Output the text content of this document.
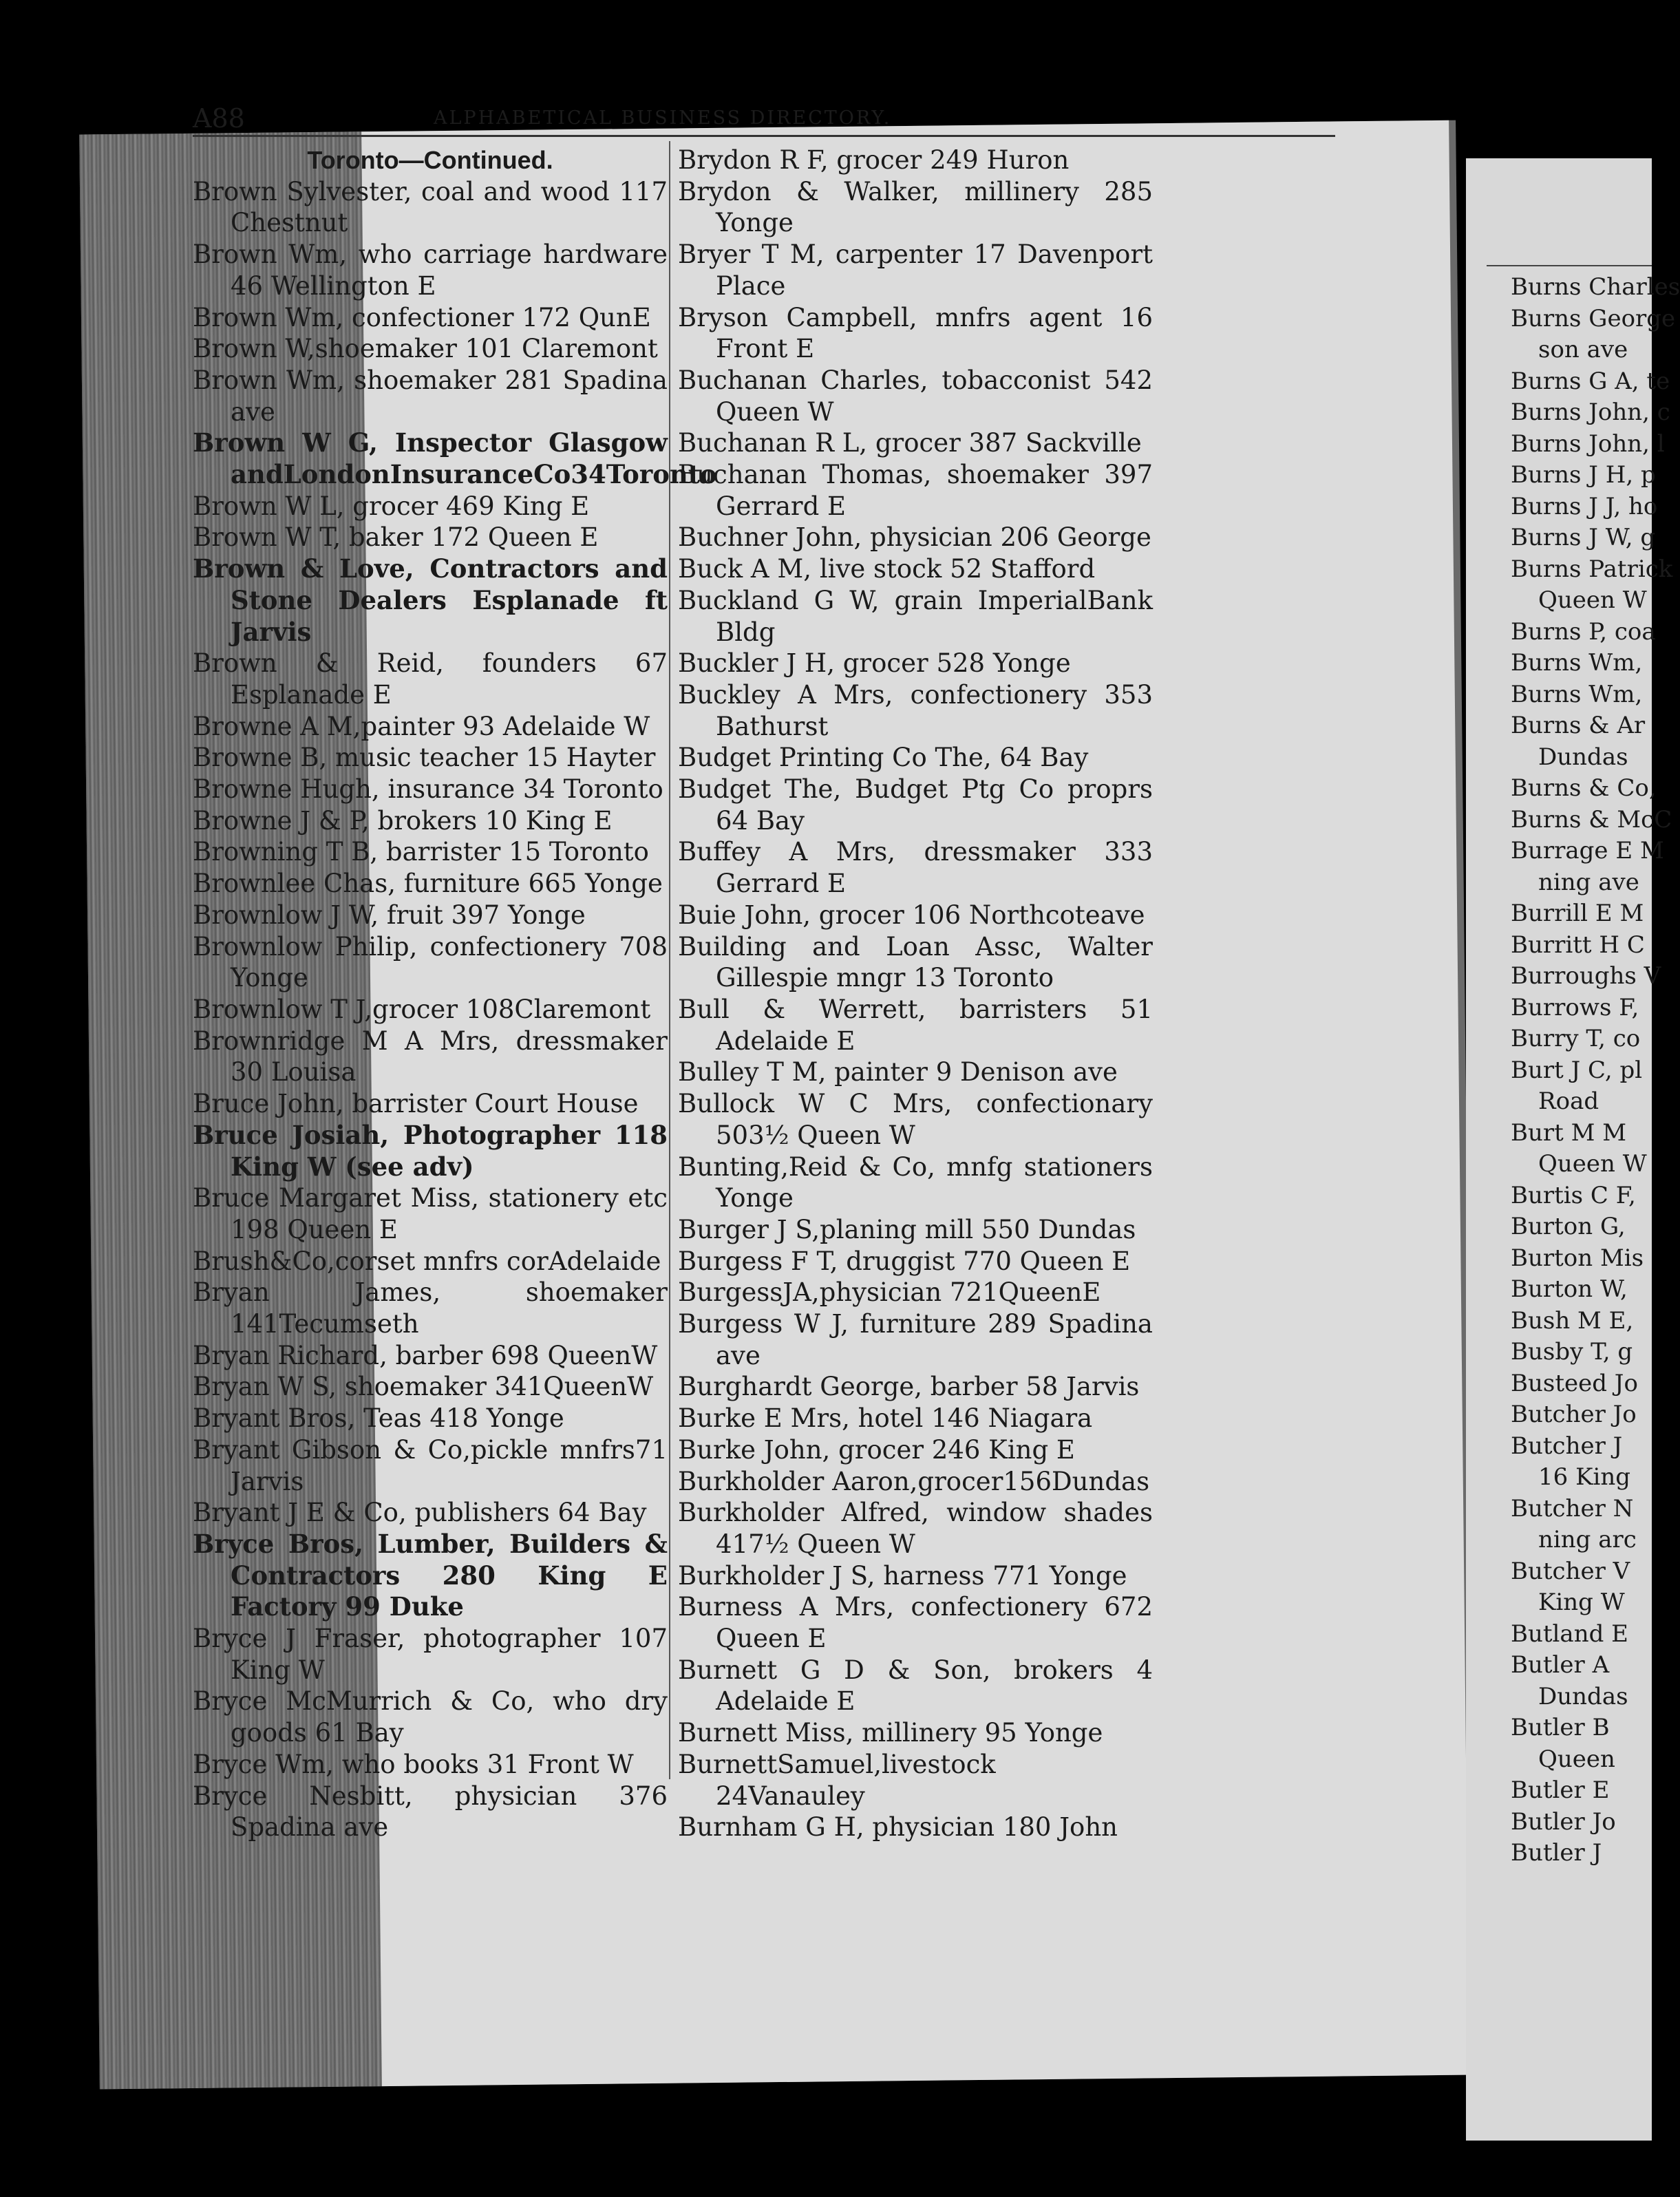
A88	ALPHABETICAL BUSINESS DIRECTORY.
Toronto—Continued.
Brown Sylvester, coal and wood 117 Chestnut
Brown Wm, who carriage hardware 46 Wellington E
Brown Wm, confectioner 172 QunE
Brown W,shoemaker 101 Claremont
Brown Wm, shoemaker 281 Spadina ave
Brown W G, Inspector Glasgow andLondonInsuranceCo34Toronto
Brown W L, grocer 469 King E
Brown W T, baker 172 Queen E
Brown & Love, Contractors and Stone Dealers Esplanade ft Jarvis
Brown & Reid, founders 67 Esplanade E
Browne A M,painter 93 Adelaide W
Browne B, music teacher 15 Hayter
Browne Hugh, insurance 34 Toronto
Browne J & P, brokers 10 King E
Browning T B, barrister 15 Toronto
Brownlee Chas, furniture 665 Yonge
Brownlow J W, fruit 397 Yonge
Brownlow Philip, confectionery 708 Yonge
Brownlow T J,grocer 108Claremont
Brownridge M A Mrs, dressmaker 30 Louisa
Bruce John, barrister Court House
Bruce Josiah, Photographer 118 King W (see adv)
Bruce Margaret Miss, stationery etc 198 Queen E
Brush&Co,corset mnfrs corAdelaide
Bryan James, shoemaker 141Tecumseth
Bryan Richard, barber 698 QueenW
Bryan W S, shoemaker 341QueenW
Bryant Bros, Teas 418 Yonge
Bryant Gibson & Co,pickle mnfrs71 Jarvis
Bryant J E & Co, publishers 64 Bay
Bryce Bros, Lumber, Builders & Contractors 280 King E Factory 99 Duke
Bryce J Fraser, photographer 107 King W
Bryce McMurrich & Co, who dry goods 61 Bay
Bryce Wm, who books 31 Front W
Bryce Nesbitt, physician 376 Spadina ave
Brydon R F, grocer 249 Huron
Brydon & Walker, millinery 285 Yonge
Bryer T M, carpenter 17 Davenport Place
Bryson Campbell, mnfrs agent 16 Front E
Buchanan Charles, tobacconist 542 Queen W
Buchanan R L, grocer 387 Sackville
Buchanan Thomas, shoemaker 397 Gerrard E
Buchner John, physician 206 George
Buck A M, live stock 52 Stafford
Buckland G W, grain ImperialBank Bldg
Buckler J H, grocer 528 Yonge
Buckley A Mrs, confectionery 353 Bathurst
Budget Printing Co The, 64 Bay
Budget The, Budget Ptg Co proprs 64 Bay
Buffey A Mrs, dressmaker 333 Gerrard E
Buie John, grocer 106 Northcoteave
Building and Loan Assc, Walter Gillespie mngr 13 Toronto
Bull & Werrett, barristers 51 Adelaide E
Bulley T M, painter 9 Denison ave
Bullock W C Mrs, confectionary 503½ Queen W
Bunting,Reid & Co, mnfg stationers Yonge
Burger J S,planing mill 550 Dundas
Burgess F T, druggist 770 Queen E
BurgessJA,physician 721QueenE
Burgess W J, furniture 289 Spadina ave
Burghardt George, barber 58 Jarvis
Burke E Mrs, hotel 146 Niagara
Burke John, grocer 246 King E
Burkholder Aaron,grocer156Dundas
Burkholder Alfred, window shades 417½ Queen W
Burkholder J S, harness 771 Yonge
Burness A Mrs, confectionery 672 Queen E
Burnett G D & Son, brokers 4 Adelaide E
Burnett Miss, millinery 95 Yonge
BurnettSamuel,livestock 24Vanauley
Burnham G H, physician 180 John
Burns Charles
Burns George
son ave
Burns G A, te
Burns John, c
Burns John, l
Burns J H, p
Burns J J, ho
Burns J W, g
Burns Patrick
Queen W
Burns P, coa
Burns Wm,
Burns Wm,
Burns & Ar
Dundas
Burns & Co,
Burns & McC
Burrage E M
ning ave
Burrill E M
Burritt H C
Burroughs V
Burrows F,
Burry T, co
Burt J C, pl
Road
Burt M M
Queen W
Burtis C F,
Burton G,
Burton Mis
Burton W,
Bush M E,
Busby T, g
Busteed Jo
Butcher Jo
Butcher J
16 King
Butcher N
ning arc
Butcher V
King W
Butland E
Butler A
Dundas
Butler B
Queen
Butler E
Butler Jo
Butler J
